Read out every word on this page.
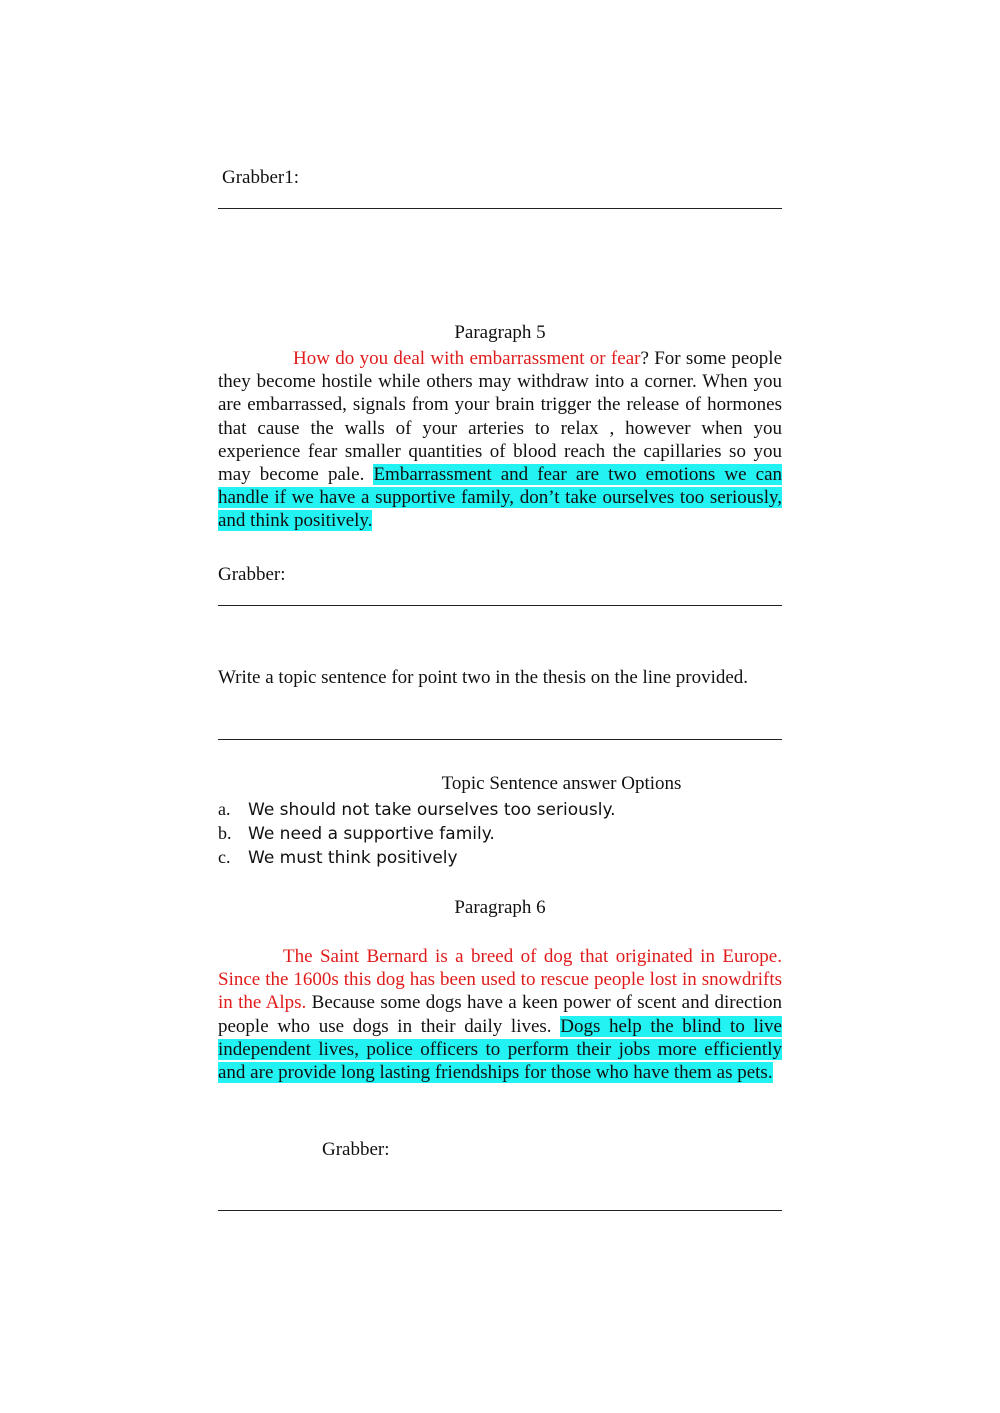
Grabber1:
Paragraph 5
How do you deal with embarrassment or fear? For some people they become hostile while others may withdraw into a corner. When you are embarrassed, signals from your brain trigger the release of hormones that cause the walls of your arteries to relax , however when you experience fear smaller quantities of blood reach the capillaries so you may become pale. Embarrassment and fear are two emotions we can handle if we have a supportive family, don’t take ourselves too seriously, and think positively.
Grabber:
Write a topic sentence for point two in the thesis on the line provided.
Topic Sentence answer Options
a. We should not take ourselves too seriously.
b. We need a supportive family.
c. We must think positively
Paragraph 6
The Saint Bernard is a breed of dog that originated in Europe. Since the 1600s this dog has been used to rescue people lost in snowdrifts in the Alps. Because some dogs have a keen power of scent and direction people who use dogs in their daily lives. Dogs help the blind to live independent lives, police officers to perform their jobs more efficiently and are provide long lasting friendships for those who have them as pets.
Grabber:
